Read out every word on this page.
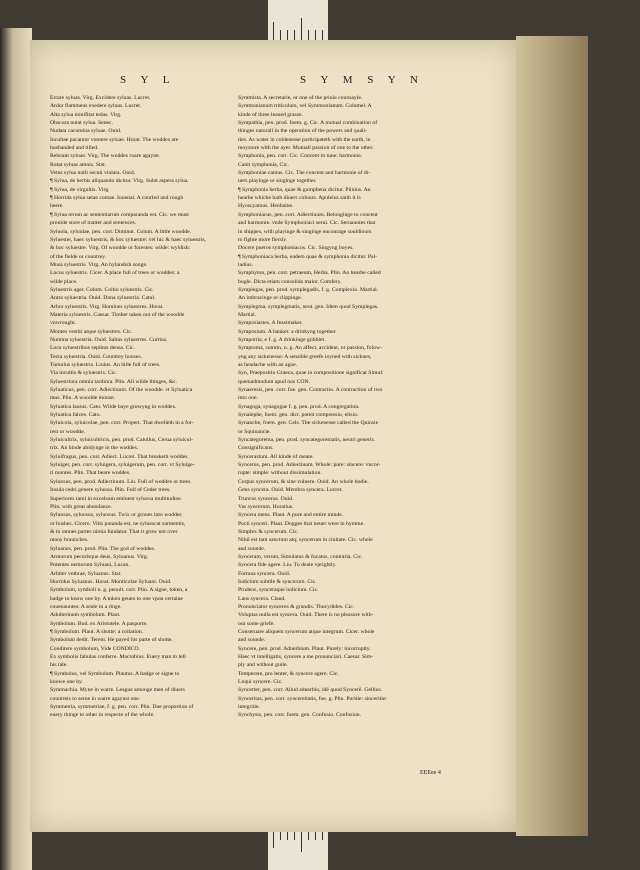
S Y L	S Y M S Y N
Errare syluas. Virg. Excidere syluas. Lucret.
Ardor flammeus exedere syluas. Lucret.
Alta sylua minifitat tedas. Virg.
Obscura nutat sylua. Senec.
Nudata cacumina syluae. Ouid.
Incultae pacantur vomere syluae. Horat. The woddes are
husbanded and tilled.
Reboant syluae. Virg. The woddes roare agayne.
Rotat syluas amnis. Stat.
Vetus sylua nulli secuti violata. Ouid.
¶ Sylua, de herbis aliquando dicitur. Virg. Subit aspera sylua.
¶ Sylua, de virgultis. Virg.
¶ Horrida sylua setae comae. Iuuenal. A courled and rough
heere.
¶ Sylua rerum ac sententiarum comparanda est. Cic. we must
prouide store of matter and sentences.
Syluola, syluulae, pen. corr. Diminut. Colum. A little woodde.
Syluester, haec syluestris, & hoc syluestre: vel hic & haec syluestris,
& hoc syluestre. Virg. Of woodde or forestes: wilde: wyldish:
of the fielde or countrey.
Musa syluestris. Virg. An hylandish songe.
Locus syluestris. Cicer. A place full of trees or woddes: a
wilde place.
Syluestris ager. Colum. Coitio syluestris. Cic.
Antra syluestria. Ouid. Dona syluestria. Catul.
Arbor syluestris. Virg. Homines syluestres. Horat.
Materia syluestris. Caesar. Timber taken out of the woodde
vnwrought.
Montes vestiti atque syluestres. Cic.
Numina syluestria. Ouid. Saltus syluestres. Curtius.
Loca syluestribus sepibus densa. Cic.
Tecta syluestria. Ouid. Countrey houses.
Tumulus syluestris. Liuius. An hille full of trees.
Via incultis & syluestris. Cic.
Syluestriora omnia tardiora. Plin. All wilde thinges, &c.
Syluaticus, pen. corr. Adiectiuum. Of the woodde. vt Syluatica
mus. Plin. A woodde mouse.
Syluatica laurus. Cato. Wilde baye growyng in woddes.
Syluatica falces. Cato.
Syluicola, syluicolae, pen. corr. Propert. That dwelleth in a for-
rest or woodde.
Syluicultrix, syluicultricis, pen. prod. Catullus, Cerua syluicul-
trix. An hinde abidynge in the woddes.
Syluifragus, pen. corr. Adiect. Lucret. That breaketh woddes.
Syluiger, pen. corr. syluigera, syluigerum, pen. corr. vt Syluige-
ri montes. Plin. That beare woddes.
Syluosus, pen. prod. Adiectiuum. Liu. Full of woddes or trees.
Insula cedri genere syluosa. Plin. Full of Ceder trees.
Superiores rami in excelsum eminent syluosa multitudine.
Plin. with great abundance.
Syluosus, syluosus, syluosus. Twix or groues into woddes
or bushes. Cicero. Vitis putanda est, ne syluescat sarmentis,
& in omnes partes nimia fundatur. That it grow not over
many braunches.
Syluanus, pen. prod. Plin. The god of woddes.
Armorum pecorisque deus, Syluanus. Virg.
Potentes nemorum Syluani, Lucan.
Arbiter vmbrae, Syluanus. Stat.
Horridus Syluanus. Horat. Monticolae Syluani. Ouid.
Symbolum, symboli n. g. penult. corr. Plin. A signe, token, a
badge to know one by. A token geuen to one vpon certaine
couenauntes: A seale in a ringe.
Adulterinum symbolum. Plaut.
Symbolum. Bud. ex Aristotele. A pasporte.
¶ Symbolum. Plaut. A shotte: a collation.
Symbolum dedit. Terent. He payed his parte of shotte.
Conditere symbolum, Vide CONDICO.
Ex symbolis fabulas conferre. Macrobius. Euery man to tell
his tale.
¶ Symbolus, vel Symbolum. Plautus. A badge or signe to
knowe one by.
Symmachia. Myne in warre. League amonge men of diuers
countreis to serue in warre agaynst one.
Symmetria, symmetriae, f. g. pen. corr. Plin. Due proportion of
euery thinge to other in respecte of the whole.
Symmista. A secretarie, or one of the priuie counsayle.
Symmonianum triticulum, vel Symmonianum. Columel. A
kinde of three leaued grasse.
Sympathia, pen. prod. foem. g. Cic. A mutual combination of
thinges naturall in the operation of the powers and quali-
ties. As water in coldenesse participateth with the earth, in
moysture with the ayer. Mutuall passion of one to the other.
Symphonia, pen. corr. Cic. Concent in tune: harmonie.
Canit symphonia, Cic.
Symphoniae cantus. Cic. The concent and harmonie of di-
uers playinge or singinge together.
¶ Symphonia herba, quae & gumphena dicitur. Plinius. An
hearbe whiche hath diuers colours. Apuleius saith it is
Hyoscyamus. Henbaine.
Symphoniacus, pen. corr. Adiectiuum. Belonginge to concent
and harmonie. vnde Symphoniaci serui. Cic. Seruauntes that
in shippes, with playinge & singinge encourage souldiours
to fighte more fiersly.
Docere pueros symphoniacos. Cic. Singyng boyes.
¶ Symphoniaca herba, eadem quae & symphonia dicitur. Pal-
ladius.
Symphyton, pen. corr. petraeum, Herba. Plin. An hearbe called
bugle. Dicta etiam consolida maior. Comfery.
Symplegas, pen. prod. symplegadis, f. g. Complexio. Martial.
An imbracinge or clippinge.
Symplegma, symplegmatis, neut. gen. Idem quod Symplegas.
Martial.
Symposiastes. A feastmaker.
Symposium. A banket: a drinkyng together.
Sympotria, e f. g. A drinkinge gobblet.
Symptoma, somtin, n. g. An affect, accident, or passion, folow-
yng any sickenesse: A sensible greefe ioyned with sicknes,
as headache with an ague.
Syn, Praepositio Graeca, quae in compositione significat Simul:
quemadmodum apud nos CON.
Synaeresis, pen. corr. foe. gen. Contractio. A contraction of two
into one.
Synagoga, synagogae f. g. pen. prod. A congregation.
Synalephe, foem. gen. dict. poteit compressio, elisio.
Synanche, foem. gen. Cels. The sickenesse called the Quinsie
or Squinancie.
Syncategorema, pen. prod. syncategorematis, neutri generis.
Consignificans.
Syncerastum. All kinde of meate.
Syncerus, pen. prod. Adiectiuum. Whole: pure: sincere: vncor-
rupte: simple: without dissimulation.
Corpus syncerum, & sine vulnere. Ouid. An whole bodie.
Gens syncera. Ouid. Membra syncera. Lucret.
Truncus syncerus. Ouid.
Vas syncerum. Horatius.
Syncera mens. Plaut. A pure and entire minde.
Pocti synceri. Plaut. Dogges that neuer were in hymme.
Simplex & syncerum. Cic.
Nihil est tam sanctum atq; syncerum in ciuitate. Cic. whole
and sounde.
Synceram, verum, Simulatus & fucatus, contraria. Cic.
Syncera fide agere. Liu. To deale vprightly.
Fortuna syncera. Ouid.
Iudicium subtile & syncerum. Cic.
Prudens, synceraque iudicium. Cic.
Laus syncera. Claud.
Pronunciator synceros & grandis. Thucydides. Cic.
Voluptas nulla est syncera. Ouid. There is no pleasure with-
out some griefe.
Conseruare aliquem syncerum atque integrum. Cicer. whole
and sounde.
Syncere, pen. prod. Aduerbium. Plaut. Purely: incorruptly.
Haec vt intelligatis, syncere a me pronunciari. Caesar. Sim-
ply and without guile.
Temperare, pro lenter, & syncere agere. Cic.
Loqui syncere. Cic.
Syncerter, pen. corr. Aliud aduerbiu, idē quod Syncerē. Gellius.
Synceritas, pen. corr. syncereitatis, foe. g. Plin. Puritie: sinceritie:
integritie.
Synchysis, pen. corr. foem. gen. Confusio. Confusion.
EEEee 4
